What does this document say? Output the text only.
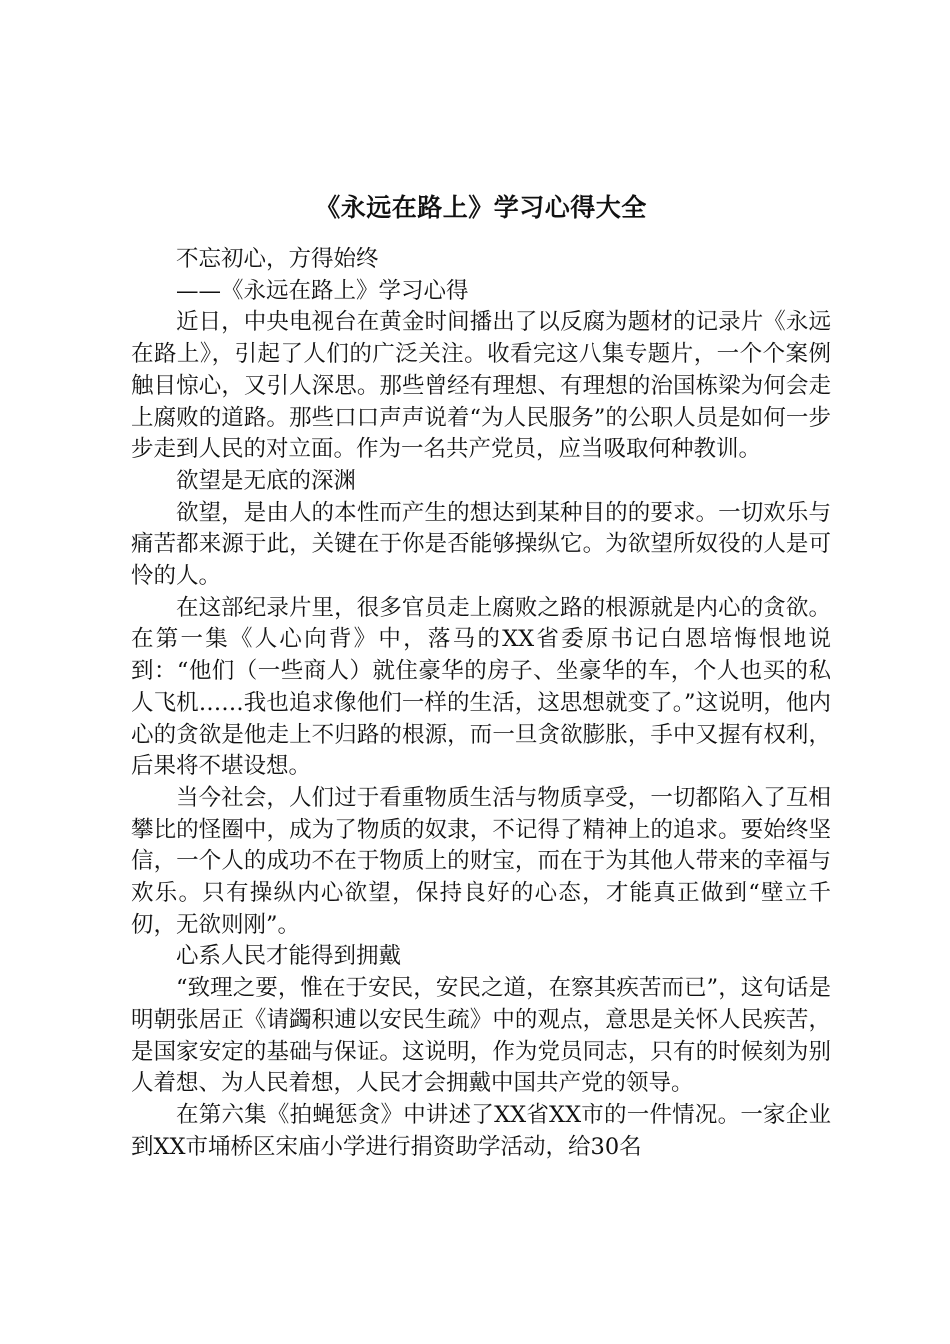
《永远在路上》学习心得大全

不忘初心，方得始终

——《永远在路上》学习心得

近日，中央电视台在黄金时间播出了以反腐为题材的记录片《永远在路上》，引起了人们的广泛关注。收看完这八集专题片，一个个案例触目惊心，又引人深思。那些曾经有理想、有理想的治国栋梁为何会走上腐败的道路。那些口口声声说着“为人民服务”的公职人员是如何一步步走到人民的对立面。作为一名共产党员，应当吸取何种教训。

欲望是无底的深渊

欲望，是由人的本性而产生的想达到某种目的的要求。一切欢乐与痛苦都来源于此，关键在于你是否能够操纵它。为欲望所奴役的人是可怜的人。

在这部纪录片里，很多官员走上腐败之路的根源就是内心的贪欲。在第一集《人心向背》中，落马的XX省委原书记白恩培悔恨地说到：“他们（一些商人）就住豪华的房子、坐豪华的车，个人也买的私人飞机……我也追求像他们一样的生活，这思想就变了。”这说明，他内心的贪欲是他走上不归路的根源，而一旦贪欲膨胀，手中又握有权利，后果将不堪设想。

当今社会，人们过于看重物质生活与物质享受，一切都陷入了互相攀比的怪圈中，成为了物质的奴隶，不记得了精神上的追求。要始终坚信，一个人的成功不在于物质上的财宝，而在于为其他人带来的幸福与欢乐。只有操纵内心欲望，保持良好的心态，才能真正做到“壁立千仞，无欲则刚”。

心系人民才能得到拥戴

“致理之要，惟在于安民，安民之道，在察其疾苦而已”，这句话是明朝张居正《请蠲积逋以安民生疏》中的观点，意思是关怀人民疾苦，是国家安定的基础与保证。这说明，作为党员同志，只有的时候刻为别人着想、为人民着想，人民才会拥戴中国共产党的领导。

在第六集《拍蝇惩贪》中讲述了XX省XX市的一件情况。一家企业到XX市埇桥区宋庙小学进行捐资助学活动，给30名
